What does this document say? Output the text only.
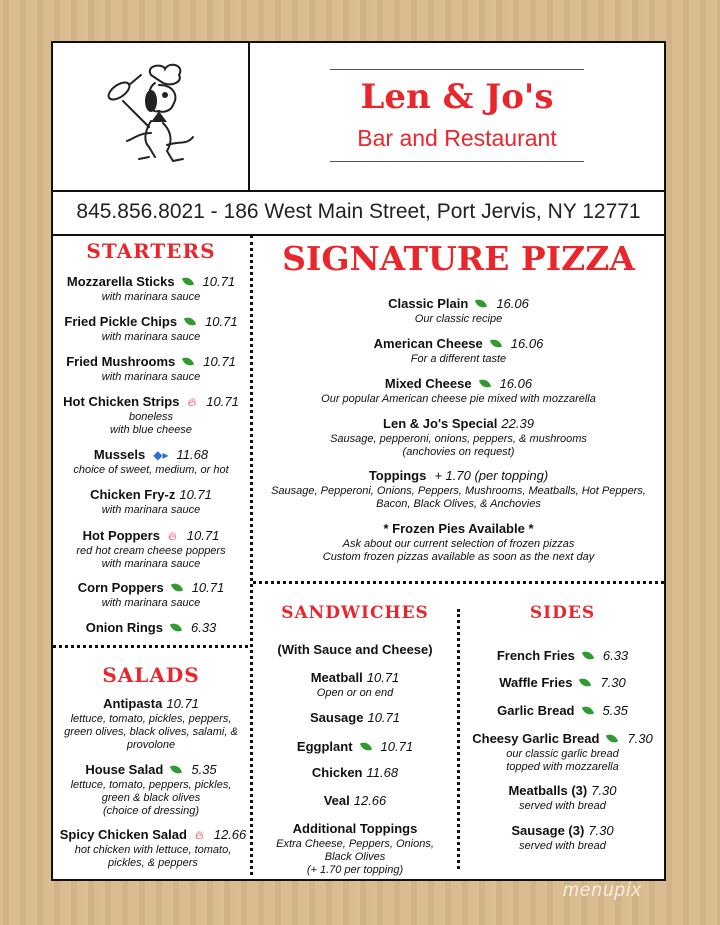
Len & Jo's
Bar and Restaurant
845.856.8021 - 186 West Main Street, Port Jervis, NY 12771
STARTERS
Mozzarella Sticks 10.71
with marinara sauce
Fried Pickle Chips 10.71
with marinara sauce
Fried Mushrooms 10.71
with marinara sauce
Hot Chicken Strips 🔥︎ 10.71
boneless
with blue cheese
Mussels ◆▸ 11.68
choice of sweet, medium, or hot
Chicken Fry-z 10.71
with marinara sauce
Hot Poppers 🔥︎ 10.71
red hot cream cheese poppers
with marinara sauce
Corn Poppers 10.71
with marinara sauce
Onion Rings 6.33
SALADS
Antipasta 10.71
lettuce, tomato, pickles, peppers,
green olives, black olives, salami, &
provolone
House Salad 5.35
lettuce, tomato, peppers, pickles,
green & black olives
(choice of dressing)
Spicy Chicken Salad 🔥︎ 12.66
hot chicken with lettuce, tomato,
pickles, & peppers
SIGNATURE PIZZA
Classic Plain 16.06
Our classic recipe
American Cheese 16.06
For a different taste
Mixed Cheese 16.06
Our popular American cheese pie mixed with mozzarella
Len & Jo's Special 22.39
Sausage, pepperoni, onions, peppers, & mushrooms
(anchovies on request)
Toppings + 1.70 (per topping)
Sausage, Pepperoni, Onions, Peppers, Mushrooms, Meatballs, Hot Peppers,
Bacon, Black Olives, & Anchovies
* Frozen Pies Available *
Ask about our current selection of frozen pizzas
Custom frozen pizzas available as soon as the next day
SANDWICHES
(With Sauce and Cheese)
Meatball 10.71
Open or on end
Sausage 10.71
Eggplant 10.71
Chicken 11.68
Veal 12.66
Additional Toppings
Extra Cheese, Peppers, Onions,
Black Olives
(+ 1.70 per topping)
SIDES
French Fries 6.33
Waffle Fries 7.30
Garlic Bread 5.35
Cheesy Garlic Bread 7.30
our classic garlic bread
topped with mozzarella
Meatballs (3) 7.30
served with bread
Sausage (3) 7.30
served with bread
menupix
